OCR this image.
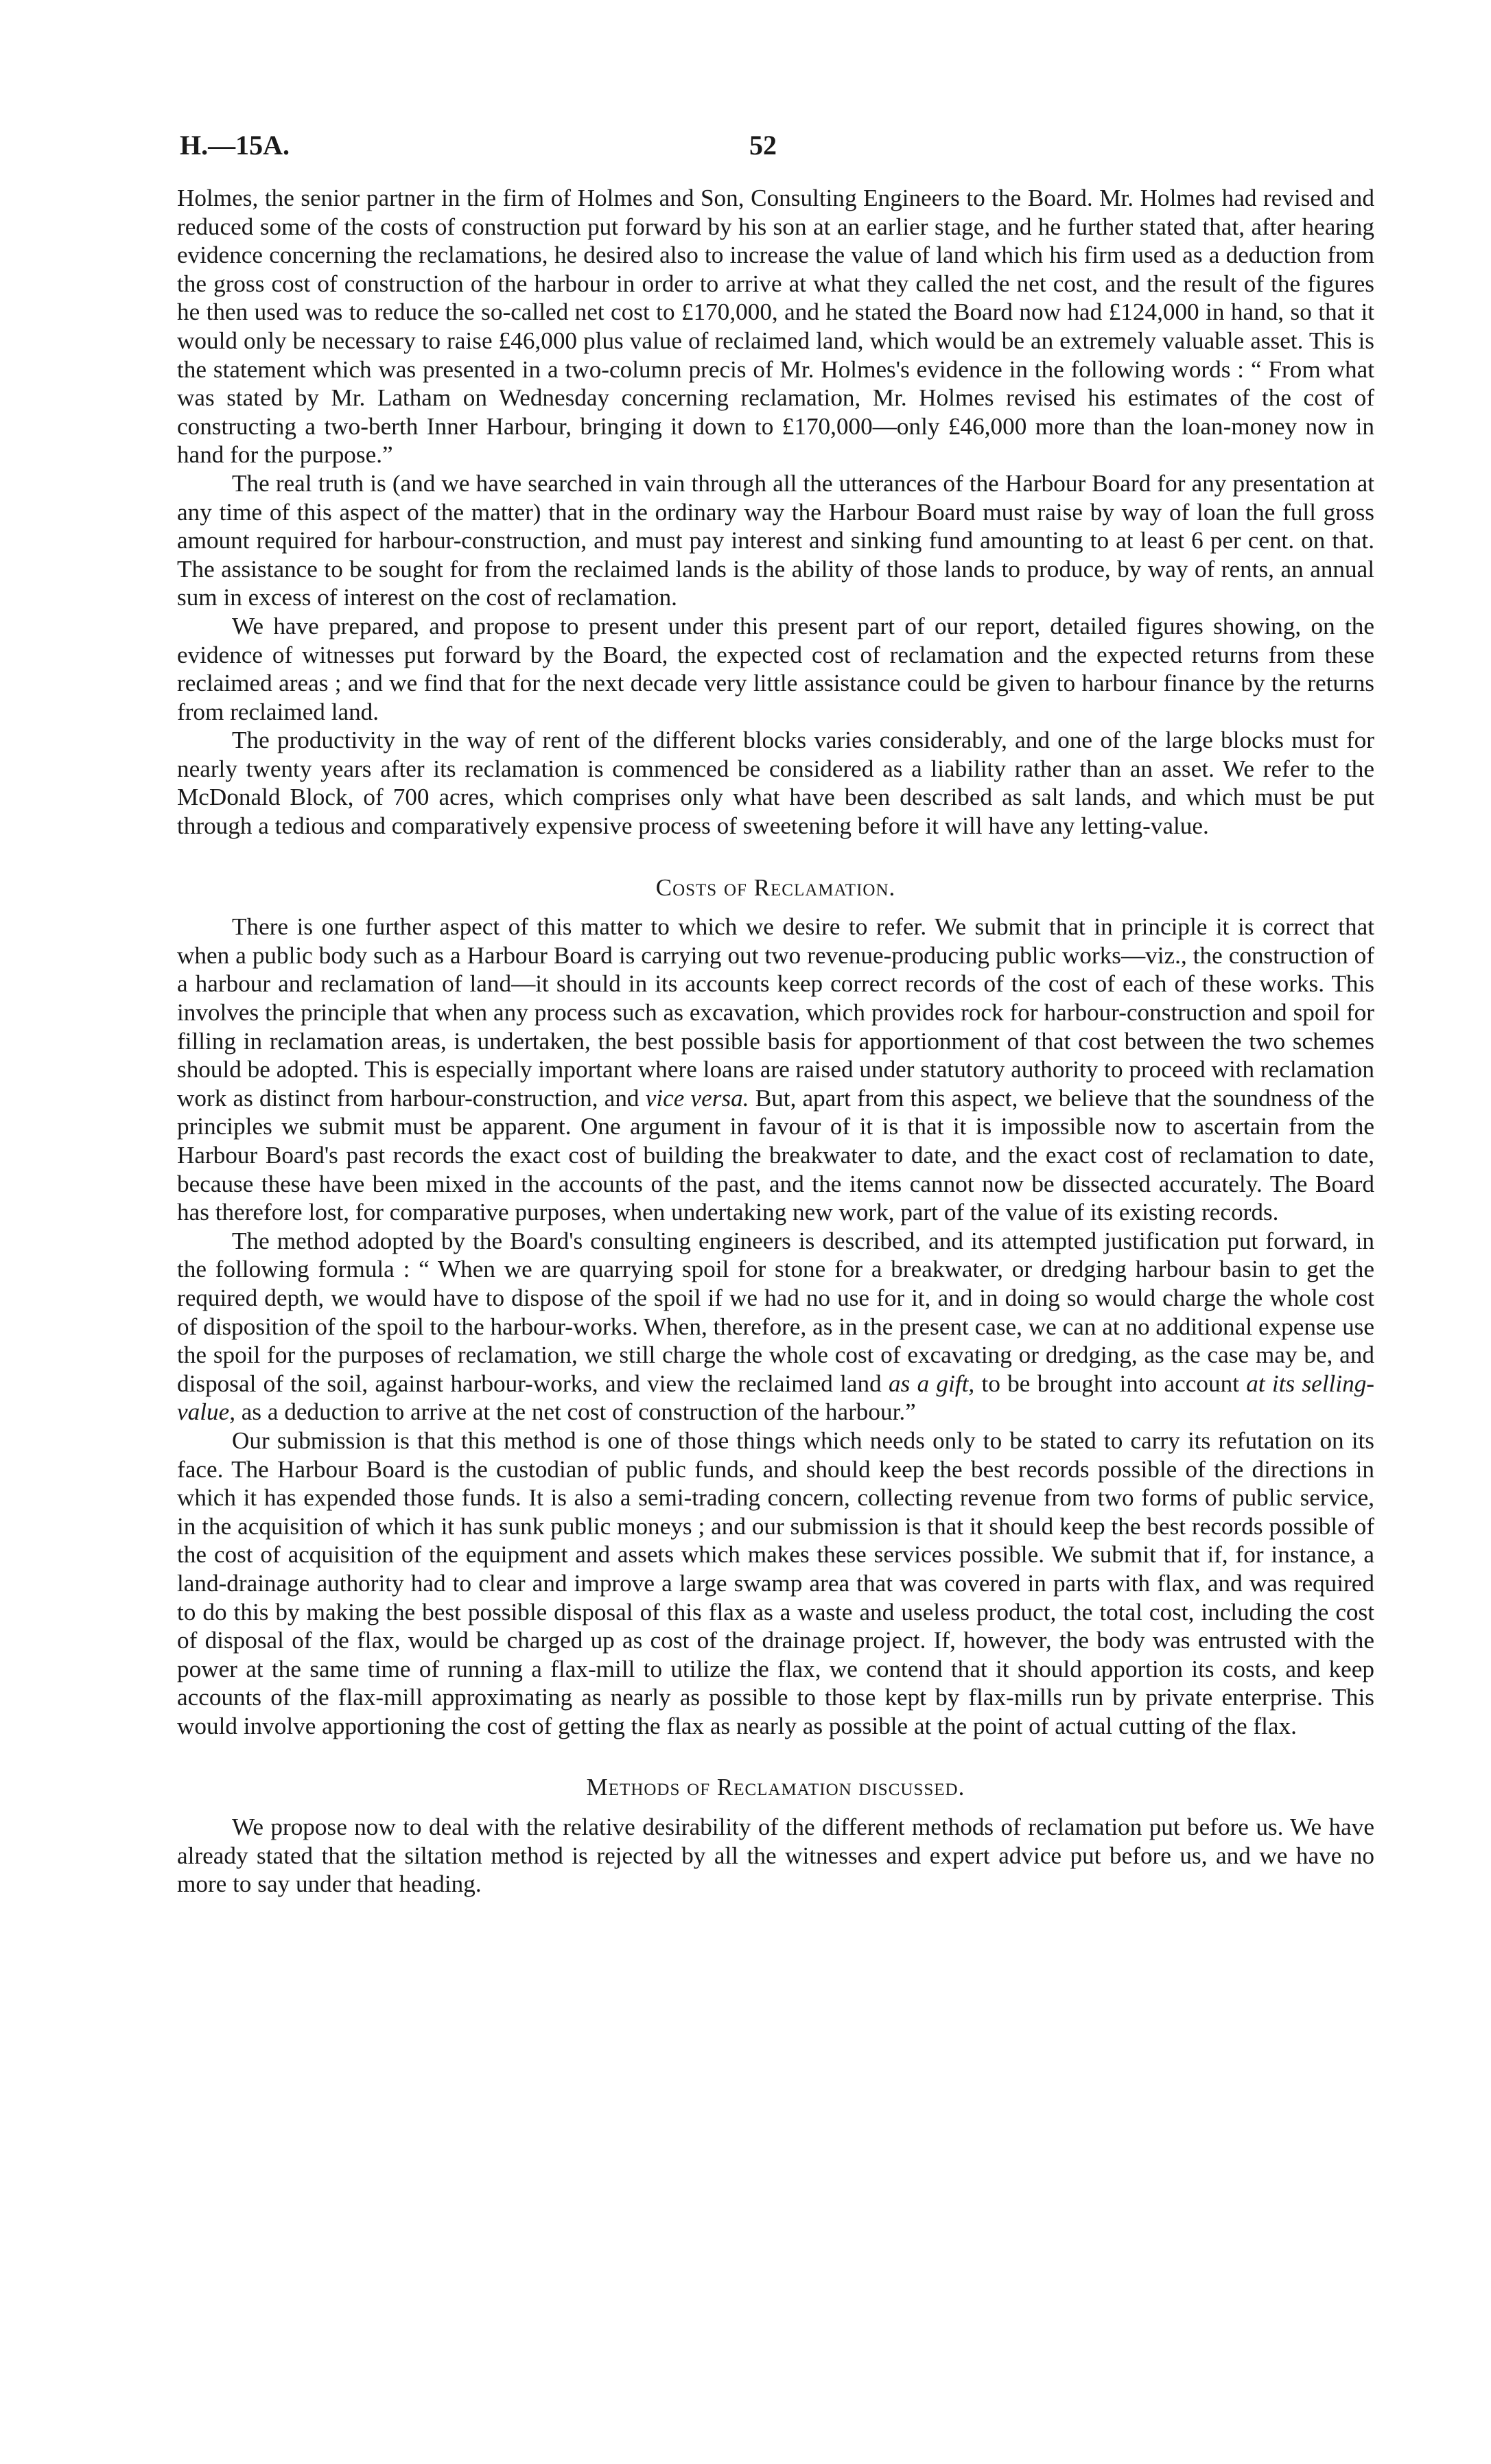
H.—15A.	52

Holmes, the senior partner in the firm of Holmes and Son, Consulting Engineers to the Board. Mr. Holmes had revised and reduced some of the costs of construction put forward by his son at an earlier stage, and he further stated that, after hearing evidence concerning the reclamations, he desired also to increase the value of land which his firm used as a deduction from the gross cost of construction of the harbour in order to arrive at what they called the net cost, and the result of the figures he then used was to reduce the so-called net cost to £170,000, and he stated the Board now had £124,000 in hand, so that it would only be necessary to raise £46,000 plus value of reclaimed land, which would be an extremely valuable asset. This is the statement which was presented in a two-column precis of Mr. Holmes's evidence in the following words : “ From what was stated by Mr. Latham on Wednesday concerning reclamation, Mr. Holmes revised his estimates of the cost of constructing a two-berth Inner Harbour, bringing it down to £170,000—only £46,000 more than the loan-money now in hand for the purpose.”

The real truth is (and we have searched in vain through all the utterances of the Harbour Board for any presentation at any time of this aspect of the matter) that in the ordinary way the Harbour Board must raise by way of loan the full gross amount required for harbour-construction, and must pay interest and sinking fund amounting to at least 6 per cent. on that. The assistance to be sought for from the reclaimed lands is the ability of those lands to produce, by way of rents, an annual sum in excess of interest on the cost of reclamation.

We have prepared, and propose to present under this present part of our report, detailed figures showing, on the evidence of witnesses put forward by the Board, the expected cost of reclamation and the expected returns from these reclaimed areas ; and we find that for the next decade very little assistance could be given to harbour finance by the returns from reclaimed land.

The productivity in the way of rent of the different blocks varies considerably, and one of the large blocks must for nearly twenty years after its reclamation is commenced be considered as a liability rather than an asset. We refer to the McDonald Block, of 700 acres, which comprises only what have been described as salt lands, and which must be put through a tedious and comparatively expensive process of sweetening before it will have any letting-value.

Costs of Reclamation.

There is one further aspect of this matter to which we desire to refer. We submit that in principle it is correct that when a public body such as a Harbour Board is carrying out two revenue-producing public works—viz., the construction of a harbour and reclamation of land—it should in its accounts keep correct records of the cost of each of these works. This involves the principle that when any process such as excavation, which provides rock for harbour-construction and spoil for filling in reclamation areas, is undertaken, the best possible basis for apportionment of that cost between the two schemes should be adopted. This is especially important where loans are raised under statutory authority to proceed with reclamation work as distinct from harbour-construction, and vice versa. But, apart from this aspect, we believe that the soundness of the principles we submit must be apparent. One argument in favour of it is that it is impossible now to ascertain from the Harbour Board's past records the exact cost of building the breakwater to date, and the exact cost of reclamation to date, because these have been mixed in the accounts of the past, and the items cannot now be dissected accurately. The Board has therefore lost, for comparative purposes, when undertaking new work, part of the value of its existing records.

The method adopted by the Board's consulting engineers is described, and its attempted justification put forward, in the following formula : “ When we are quarrying spoil for stone for a breakwater, or dredging harbour basin to get the required depth, we would have to dispose of the spoil if we had no use for it, and in doing so would charge the whole cost of disposition of the spoil to the harbour-works. When, therefore, as in the present case, we can at no additional expense use the spoil for the purposes of reclamation, we still charge the whole cost of excavating or dredging, as the case may be, and disposal of the soil, against harbour-works, and view the reclaimed land as a gift, to be brought into account at its selling-value, as a deduction to arrive at the net cost of construction of the harbour.”

Our submission is that this method is one of those things which needs only to be stated to carry its refutation on its face. The Harbour Board is the custodian of public funds, and should keep the best records possible of the directions in which it has expended those funds. It is also a semi-trading concern, collecting revenue from two forms of public service, in the acquisition of which it has sunk public moneys ; and our submission is that it should keep the best records possible of the cost of acquisition of the equipment and assets which makes these services possible. We submit that if, for instance, a land-drainage authority had to clear and improve a large swamp area that was covered in parts with flax, and was required to do this by making the best possible disposal of this flax as a waste and useless product, the total cost, including the cost of disposal of the flax, would be charged up as cost of the drainage project. If, however, the body was entrusted with the power at the same time of running a flax-mill to utilize the flax, we contend that it should apportion its costs, and keep accounts of the flax-mill approximating as nearly as possible to those kept by flax-mills run by private enterprise. This would involve apportioning the cost of getting the flax as nearly as possible at the point of actual cutting of the flax.

Methods of Reclamation discussed.

We propose now to deal with the relative desirability of the different methods of reclamation put before us. We have already stated that the siltation method is rejected by all the witnesses and expert advice put before us, and we have no more to say under that heading.
